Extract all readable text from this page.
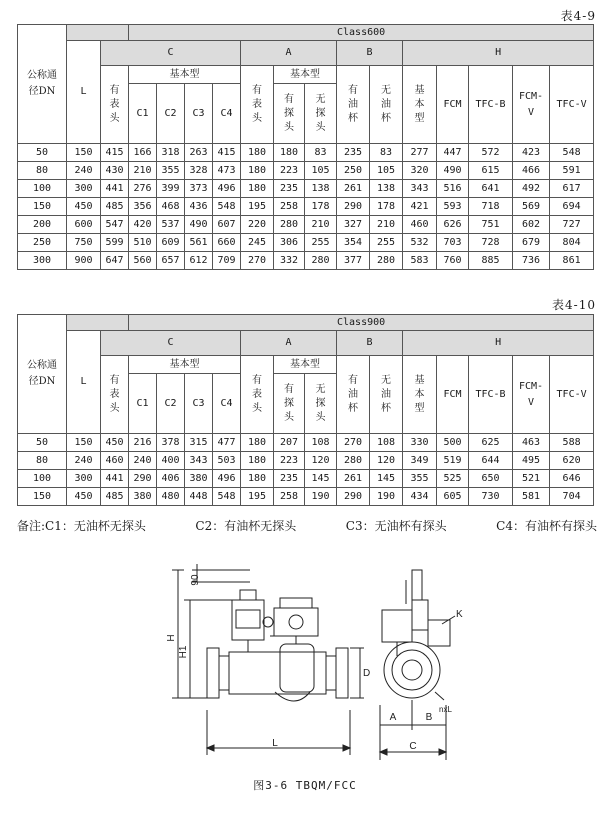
表4-9
公称通径DN			Class600													
	L	C					A			B		H				

		有表头	基本型				有表头	基本型		有油杯	无油杯	基本型	FCM	TFC-B	FCM-V	TFC-V
			C1	C2	C3	C4		有探头	无探头							

50	150	415	166	318	263	415	180	180	83	235	83	277	447	572	423	548
80	240	430	210	355	328	473	180	223	105	250	105	320	490	615	466	591
100	300	441	276	399	373	496	180	235	138	261	138	343	516	641	492	617
150	450	485	356	468	436	548	195	258	178	290	178	421	593	718	569	694
200	600	547	420	537	490	607	220	280	210	327	210	460	626	751	602	727
250	750	599	510	609	561	660	245	306	255	354	255	532	703	728	679	804
300	900	647	560	657	612	709	270	332	280	377	280	583	760	885	736	861
表4-10
公称通径DN			Class900													
	L	C					A			B		H				

		有表头	基本型				有表头	基本型		有油杯	无油杯	基本型	FCM	TFC-B	FCM-V	TFC-V
			C1	C2	C3	C4		有探头	无探头							

50	150	450	216	378	315	477	180	207	108	270	108	330	500	625	463	588
80	240	460	240	400	343	503	180	223	120	280	120	349	519	644	495	620
100	300	441	290	406	380	496	180	235	145	261	145	355	525	650	521	646
150	450	485	380	480	448	548	195	258	190	290	190	434	605	730	581	704
备注:C1：无油杯无探头	C2：有油杯无探头	C3：无油杯有探头	C4：有油杯有探头
90
H
H1
D
L
A	B
C
K
nxL
图3-6 TBQM/FCC
